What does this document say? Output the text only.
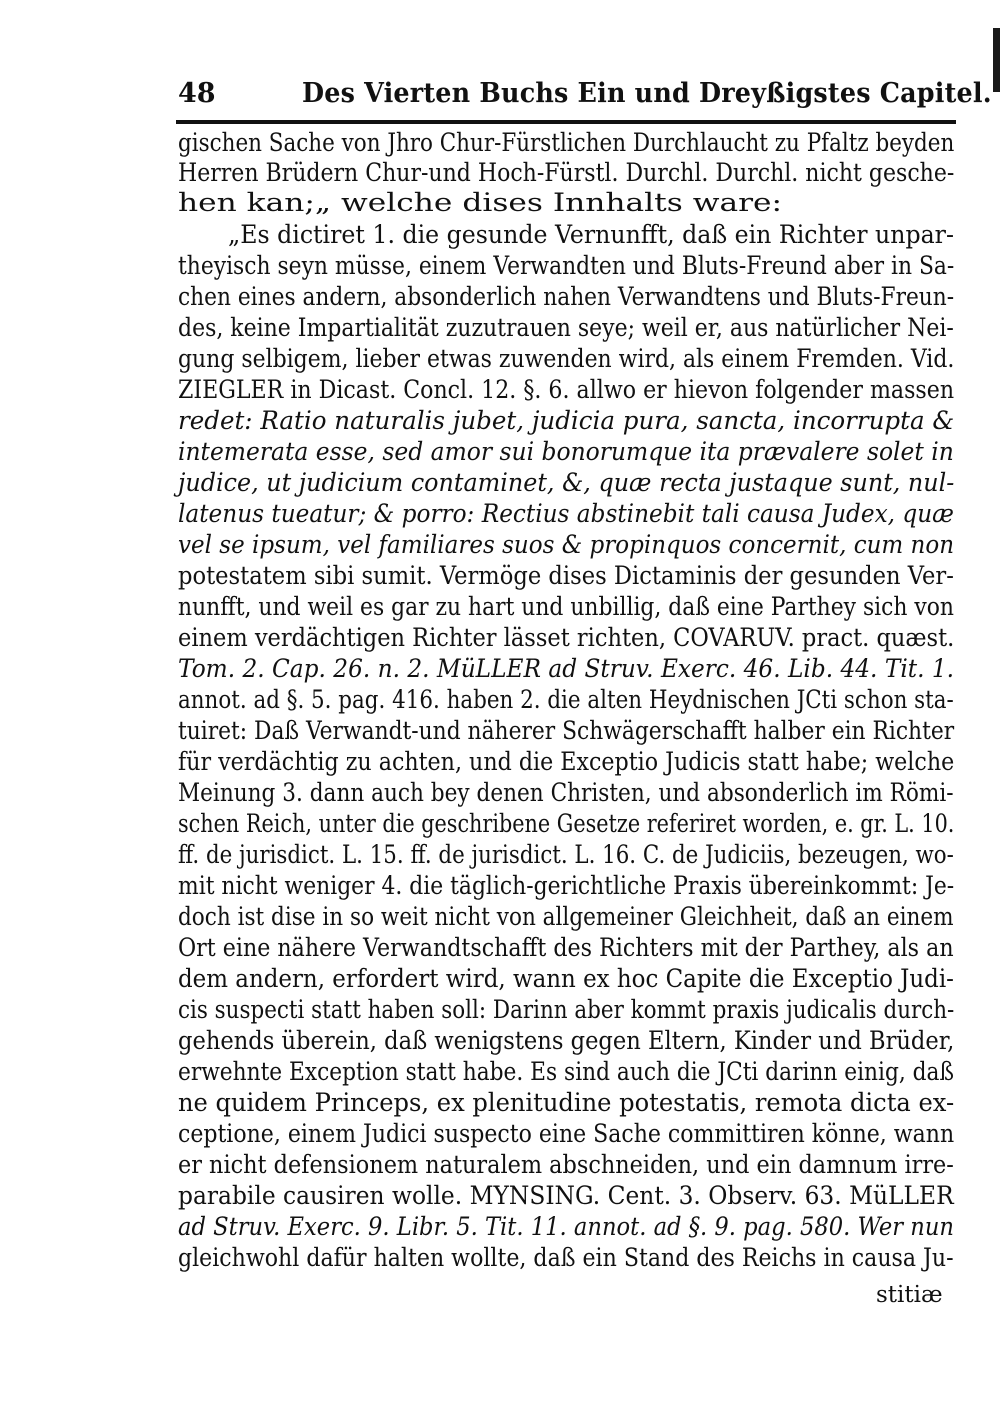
48	Des Vierten Buchs Ein und Dreyßigstes Capitel.
gischen Sache von Jhro Chur-Fürstlichen Durchlaucht zu Pfaltz beyden
Herren Brüdern Chur-und Hoch-Fürstl. Durchl. Durchl. nicht gesche-
hen kan;„ welche dises Innhalts ware:
„Es dictiret 1. die gesunde Vernunfft, daß ein Richter unpar-
theyisch seyn müsse, einem Verwandten und Bluts-Freund aber in Sa-
chen eines andern, absonderlich nahen Verwandtens und Bluts-Freun-
des, keine Impartialität zuzutrauen seye; weil er, aus natürlicher Nei-
gung selbigem, lieber etwas zuwenden wird, als einem Fremden. Vid.
ZIEGLER in Dicast. Concl. 12. §. 6. allwo er hievon folgender massen
redet: Ratio naturalis jubet, judicia pura, sancta, incorrupta &
intemerata esse, sed amor sui bonorumque ita prævalere solet in
judice, ut judicium contaminet, &, quæ recta justaque sunt, nul-
latenus tueatur; & porro: Rectius abstinebit tali causa Judex, quæ
vel se ipsum, vel familiares suos & propinquos concernit, cum non
potestatem sibi sumit. Vermöge dises Dictaminis der gesunden Ver-
nunfft, und weil es gar zu hart und unbillig, daß eine Parthey sich von
einem verdächtigen Richter lässet richten, COVARUV. pract. quæst.
Tom. 2. Cap. 26. n. 2. MüLLER ad Struv. Exerc. 46. Lib. 44. Tit. 1.
annot. ad §. 5. pag. 416. haben 2. die alten Heydnischen JCti schon sta-
tuiret: Daß Verwandt-und näherer Schwägerschafft halber ein Richter
für verdächtig zu achten, und die Exceptio Judicis statt habe; welche
Meinung 3. dann auch bey denen Christen, und absonderlich im Römi-
schen Reich, unter die geschribene Gesetze referiret worden, e. gr. L. 10.
ff. de jurisdict. L. 15. ff. de jurisdict. L. 16. C. de Judiciis, bezeugen, wo-
mit nicht weniger 4. die täglich-gerichtliche Praxis übereinkommt: Je-
doch ist dise in so weit nicht von allgemeiner Gleichheit, daß an einem
Ort eine nähere Verwandtschafft des Richters mit der Parthey, als an
dem andern, erfordert wird, wann ex hoc Capite die Exceptio Judi-
cis suspecti statt haben soll: Darinn aber kommt praxis judicalis durch-
gehends überein, daß wenigstens gegen Eltern, Kinder und Brüder,
erwehnte Exception statt habe. Es sind auch die JCti darinn einig, daß
ne quidem Princeps, ex plenitudine potestatis, remota dicta ex-
ceptione, einem Judici suspecto eine Sache committiren könne, wann
er nicht defensionem naturalem abschneiden, und ein damnum irre-
parabile causiren wolle. MYNSING. Cent. 3. Observ. 63. MüLLER
ad Struv. Exerc. 9. Libr. 5. Tit. 11. annot. ad §. 9. pag. 580. Wer nun
gleichwohl dafür halten wollte, daß ein Stand des Reichs in causa Ju-
stitiæ
